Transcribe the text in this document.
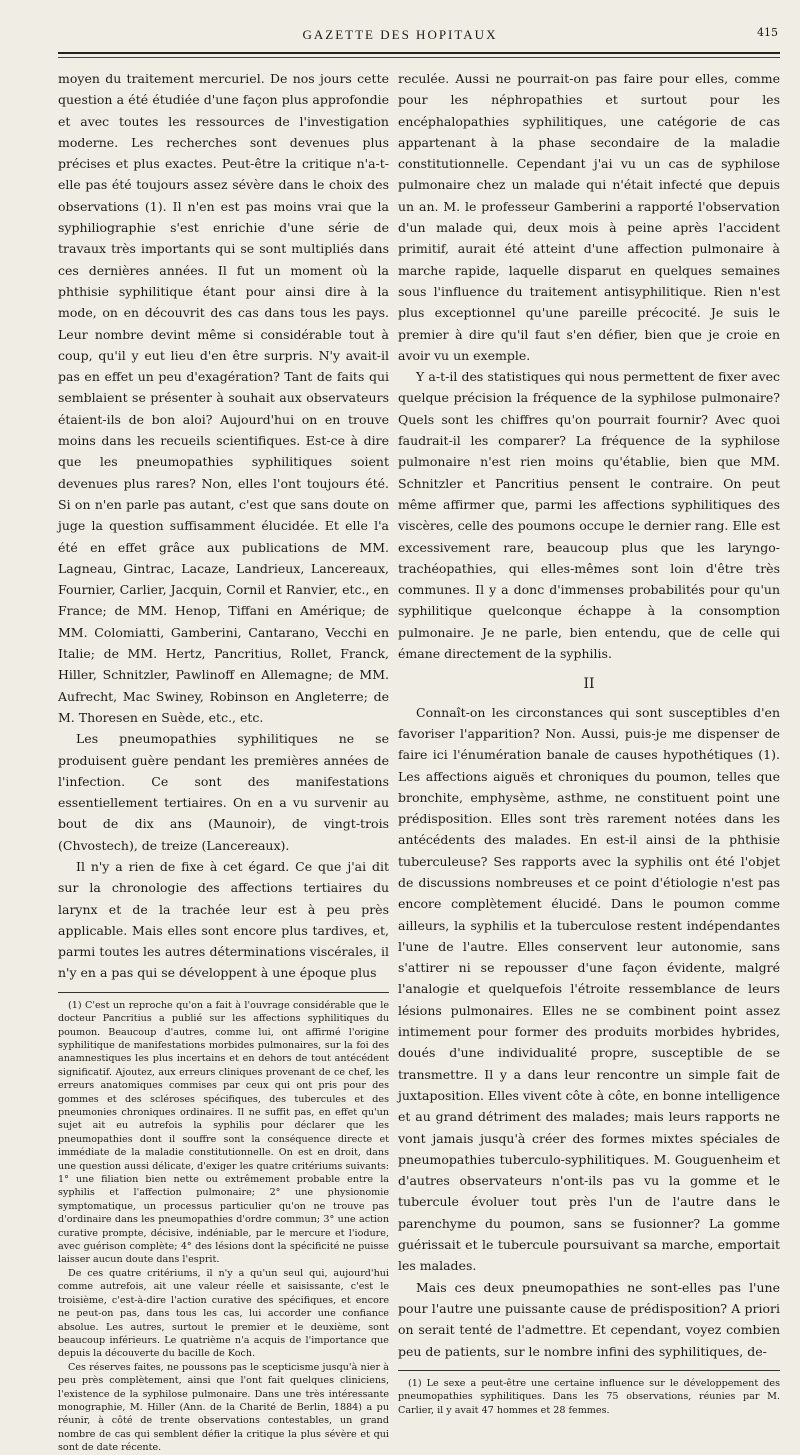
GAZETTE DES HOPITAUX	415

moyen du traitement mercuriel. De nos jours cette question a été étudiée d'une façon plus approfondie et avec toutes les ressources de l'investigation moderne. Les recherches sont devenues plus précises et plus exactes. Peut-être la critique n'a-t-elle pas été toujours assez sévère dans le choix des observations (1). Il n'en est pas moins vrai que la syphiliographie s'est enrichie d'une série de travaux très importants qui se sont multipliés dans ces dernières années. Il fut un moment où la phthisie syphilitique étant pour ainsi dire à la mode, on en découvrit des cas dans tous les pays. Leur nombre devint même si considérable tout à coup, qu'il y eut lieu d'en être surpris. N'y avait-il pas en effet un peu d'exagération? Tant de faits qui semblaient se présenter à souhait aux observateurs étaient-ils de bon aloi? Aujourd'hui on en trouve moins dans les recueils scientifiques. Est-ce à dire que les pneumopathies syphilitiques soient devenues plus rares? Non, elles l'ont toujours été. Si on n'en parle pas autant, c'est que sans doute on juge la question suffisamment élucidée. Et elle l'a été en effet grâce aux publications de MM. Lagneau, Gintrac, Lacaze, Landrieux, Lancereaux, Fournier, Carlier, Jacquin, Cornil et Ranvier, etc., en France; de MM. Henop, Tiffani en Amérique; de MM. Colomiatti, Gamberini, Cantarano, Vecchi en Italie; de MM. Hertz, Pancritius, Rollet, Franck, Hiller, Schnitzler, Pawlinoff en Allemagne; de MM. Aufrecht, Mac Swiney, Robinson en Angleterre; de M. Thoresen en Suède, etc., etc.

Les pneumopathies syphilitiques ne se produisent guère pendant les premières années de l'infection. Ce sont des manifestations essentiellement tertiaires. On en a vu survenir au bout de dix ans (Maunoir), de vingt-trois (Chvostech), de treize (Lancereaux).

Il n'y a rien de fixe à cet égard. Ce que j'ai dit sur la chronologie des affections tertiaires du larynx et de la trachée leur est à peu près applicable. Mais elles sont encore plus tardives, et, parmi toutes les autres déterminations viscérales, il n'y en a pas qui se développent à une époque plus

(1) C'est un reproche qu'on a fait à l'ouvrage considérable que le docteur Pancritius a publié sur les affections syphilitiques du poumon. Beaucoup d'autres, comme lui, ont affirmé l'origine syphilitique de manifestations morbides pulmonaires, sur la foi des anamnestiques les plus incertains et en dehors de tout antécédent significatif. Ajoutez, aux erreurs cliniques provenant de ce chef, les erreurs anatomiques commises par ceux qui ont pris pour des gommes et des scléroses spécifiques, des tubercules et des pneumonies chroniques ordinaires. Il ne suffit pas, en effet qu'un sujet ait eu autrefois la syphilis pour déclarer que les pneumopathies dont il souffre sont la conséquence directe et immédiate de la maladie constitutionnelle. On est en droit, dans une question aussi délicate, d'exiger les quatre critériums suivants: 1° une filiation bien nette ou extrêmement probable entre la syphilis et l'affection pulmonaire; 2° une physionomie symptomatique, un processus particulier qu'on ne trouve pas d'ordinaire dans les pneumopathies d'ordre commun; 3° une action curative prompte, décisive, indéniable, par le mercure et l'iodure, avec guérison complète; 4° des lésions dont la spécificité ne puisse laisser aucun doute dans l'esprit.

De ces quatre critériums, il n'y a qu'un seul qui, aujourd'hui comme autrefois, ait une valeur réelle et saisissante, c'est le troisième, c'est-à-dire l'action curative des spécifiques, et encore ne peut-on pas, dans tous les cas, lui accorder une confiance absolue. Les autres, surtout le premier et le deuxième, sont beaucoup inférieurs. Le quatrième n'a acquis de l'importance que depuis la découverte du bacille de Koch.

Ces réserves faites, ne poussons pas le scepticisme jusqu'à nier à peu près complètement, ainsi que l'ont fait quelques cliniciens, l'existence de la syphilose pulmonaire. Dans une très intéressante monographie, M. Hiller (Ann. de la Charité de Berlin, 1884) a pu réunir, à côté de trente observations contestables, un grand nombre de cas qui semblent défier la critique la plus sévère et qui sont de date récente.

reculée. Aussi ne pourrait-on pas faire pour elles, comme pour les néphropathies et surtout pour les encéphalopathies syphilitiques, une catégorie de cas appartenant à la phase secondaire de la maladie constitutionnelle. Cependant j'ai vu un cas de syphilose pulmonaire chez un malade qui n'était infecté que depuis un an. M. le professeur Gamberini a rapporté l'observation d'un malade qui, deux mois à peine après l'accident primitif, aurait été atteint d'une affection pulmonaire à marche rapide, laquelle disparut en quelques semaines sous l'influence du traitement antisyphilitique. Rien n'est plus exceptionnel qu'une pareille précocité. Je suis le premier à dire qu'il faut s'en défier, bien que je croie en avoir vu un exemple.

Y a-t-il des statistiques qui nous permettent de fixer avec quelque précision la fréquence de la syphilose pulmonaire? Quels sont les chiffres qu'on pourrait fournir? Avec quoi faudrait-il les comparer? La fréquence de la syphilose pulmonaire n'est rien moins qu'établie, bien que MM. Schnitzler et Pancritius pensent le contraire. On peut même affirmer que, parmi les affections syphilitiques des viscères, celle des poumons occupe le dernier rang. Elle est excessivement rare, beaucoup plus que les laryngo-trachéopathies, qui elles-mêmes sont loin d'être très communes. Il y a donc d'immenses probabilités pour qu'un syphilitique quelconque échappe à la consomption pulmonaire. Je ne parle, bien entendu, que de celle qui émane directement de la syphilis.

II

Connaît-on les circonstances qui sont susceptibles d'en favoriser l'apparition? Non. Aussi, puis-je me dispenser de faire ici l'énumération banale de causes hypothétiques (1). Les affections aiguës et chroniques du poumon, telles que bronchite, emphysème, asthme, ne constituent point une prédisposition. Elles sont très rarement notées dans les antécédents des malades. En est-il ainsi de la phthisie tuberculeuse? Ses rapports avec la syphilis ont été l'objet de discussions nombreuses et ce point d'étiologie n'est pas encore complètement élucidé. Dans le poumon comme ailleurs, la syphilis et la tuberculose restent indépendantes l'une de l'autre. Elles conservent leur autonomie, sans s'attirer ni se repousser d'une façon évidente, malgré l'analogie et quelquefois l'étroite ressemblance de leurs lésions pulmonaires. Elles ne se combinent point assez intimement pour former des produits morbides hybrides, doués d'une individualité propre, susceptible de se transmettre. Il y a dans leur rencontre un simple fait de juxtaposition. Elles vivent côte à côte, en bonne intelligence et au grand détriment des malades; mais leurs rapports ne vont jamais jusqu'à créer des formes mixtes spéciales de pneumopathies tuberculo-syphilitiques. M. Gouguenheim et d'autres observateurs n'ont-ils pas vu la gomme et le tubercule évoluer tout près l'un de l'autre dans le parenchyme du poumon, sans se fusionner? La gomme guérissait et le tubercule poursuivant sa marche, emportait les malades.

Mais ces deux pneumopathies ne sont-elles pas l'une pour l'autre une puissante cause de prédisposition? A priori on serait tenté de l'admettre. Et cependant, voyez combien peu de patients, sur le nombre infini des syphilitiques, de-

(1) Le sexe a peut-être une certaine influence sur le développement des pneumopathies syphilitiques. Dans les 75 observations, réunies par M. Carlier, il y avait 47 hommes et 28 femmes.
